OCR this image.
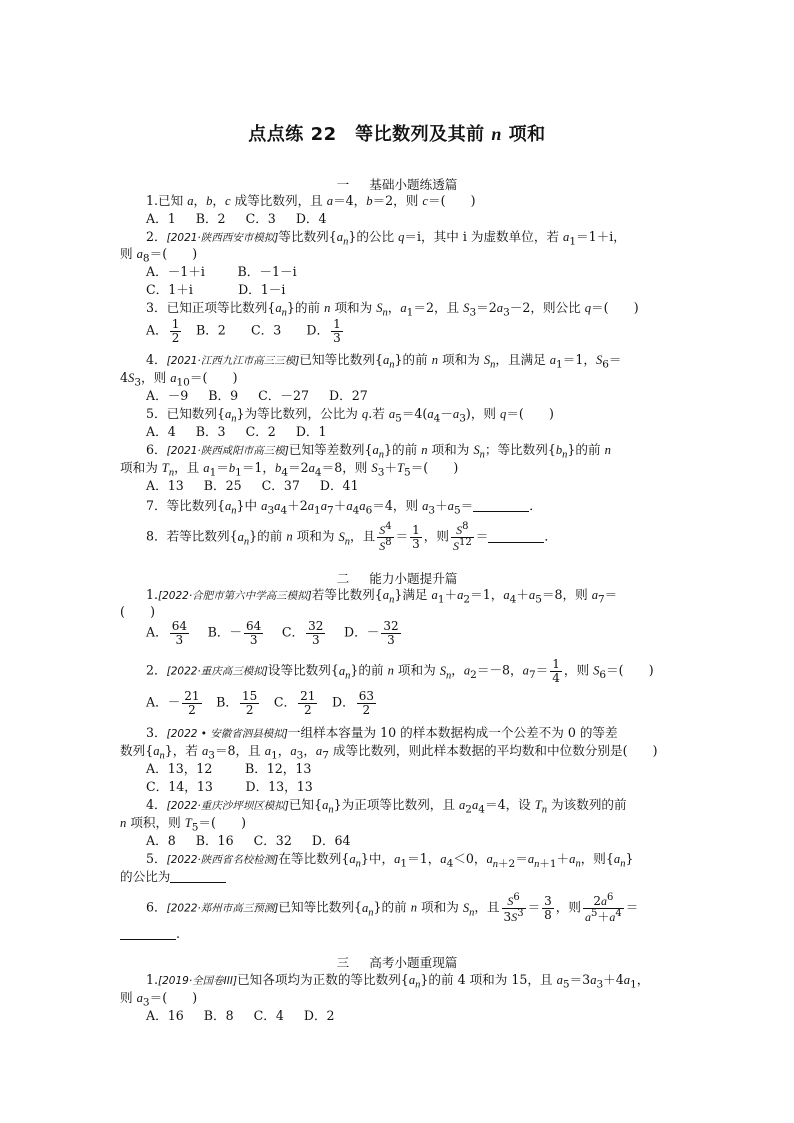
点点练 22　等比数列及其前 n 项和
一 基础小题练透篇
1.已知 a，b，c 成等比数列，且 a＝4，b＝2，则 c＝(　　)
A．1 B．2 C．3 D．4
2．[2021·陕西西安市模拟]等比数列$\{a_n\}$的公比 q＝i，其中 i 为虚数单位，若 $a_1=1+i$，
则 $a_8=$(　　)
A．－1＋i　B．－1－i
C．1＋i　　D．1－i
3．已知正项等比数列$\{a_n\}$的前 n 项和为 $S_n$，$a_1=2$，且 $S_3=2a_3-2$，则公比 q＝(　　)
A． $\frac{1}{2}$ 　B．2　　C．3　　D． $\frac{1}{3}$
4．[2021·江西九江市高三三模]已知等比数列$\{a_n\}$的前 n 项和为 $S_n$，且满足 $a_1=1$，$S_6=$
$4S_3$，则 $a_{10}=$(　　)
A．－9 B．9 C．－27 D．27
5．已知数列$\{a_n\}$为等比数列，公比为 q.若 $a_5=4(a_4-a_3)$，则 q＝(　　)
A．4 B．3 C．2 D．1
6．[2021·陕西咸阳市高三模]已知等差数列$\{a_n\}$的前 n 项和为 $S_n$；等比数列$\{b_n\}$的前 n
项和为 $T_n$，且 $a_1=b_1=1$，$b_4=2a_4=8$，则 $S_3+T_5=$(　　)
A．13 B．25 C．37 D．41
7．等比数列$\{a_n\}$中 $a_3a_4+2a_1a_7+a_4a_6=4$，则 $a_3+a_5=$	．
8．若等比数列$\{a_n\}$的前 n 项和为 $S_n$，且 $\frac{S^4}{S^8} = \frac{1}{3}$ ，则 $\frac{S^8}{S^{12}}$ ＝	．
二 能力小题提升篇
1.[2022·合肥市第六中学高三模拟]若等比数列$\{a_n\}$满足 $a_1+a_2=1$，$a_4+a_5=8$，则 $a_7=$
(　　)
A． $\frac{64}{3}$ 　 B．－ $\frac{64}{3}$ 　 C． $\frac{32}{3}$ 　 D．－ $\frac{32}{3}$
2．[2022·重庆高三模拟]设等比数列$\{a_n\}$的前 n 项和为 $S_n$，$a_2=-8$，$a_7= \frac{1}{4}$ ，则 $S_6=$(　　)
A．－ $\frac{21}{2}$ 　B． $\frac{15}{2}$ 　C． $\frac{21}{2}$ 　D． $\frac{63}{2}$
3．[2022 • 安徽省泗县模拟]一组样本容量为 10 的样本数据构成一个公差不为 0 的等差
数列$\{a_n\}$，若 $a_3=8$，且 $a_1$，$a_3$，$a_7$ 成等比数列，则此样本数据的平均数和中位数分别是(　　)
A．13，12　B．12，13
C．14，13　D．13，13
4．[2022·重庆沙坪坝区模拟]已知$\{a_n\}$为正项等比数列，且 $a_2a_4=4$，设 $T_n$ 为该数列的前
n 项积，则 $T_5=$(　　)
A．8 B．16 C．32 D．64
5．[2022·陕西省名校检测]在等比数列$\{a_n\}$中，$a_1=1$，$a_4<0$，$a_{n+2}=a_{n+1}+a_n$，则$\{a_n\}$
的公比为
6．[2022·郑州市高三预测]已知等比数列$\{a_n\}$的前 n 项和为 $S_n$，且 $\frac{S^6}{3S^3} = \frac{3}{8}$ ，则 $\frac{2a^6}{a^5+a^4}$ ＝
.
三 高考小题重现篇
1.[2019·全国卷III]已知各项均为正数的等比数列$\{a_n\}$的前 4 项和为 15，且 $a_5=3a_3+4a_1$，
则 $a_3=$(　　)
A．16 B．8 C．4 D．2
